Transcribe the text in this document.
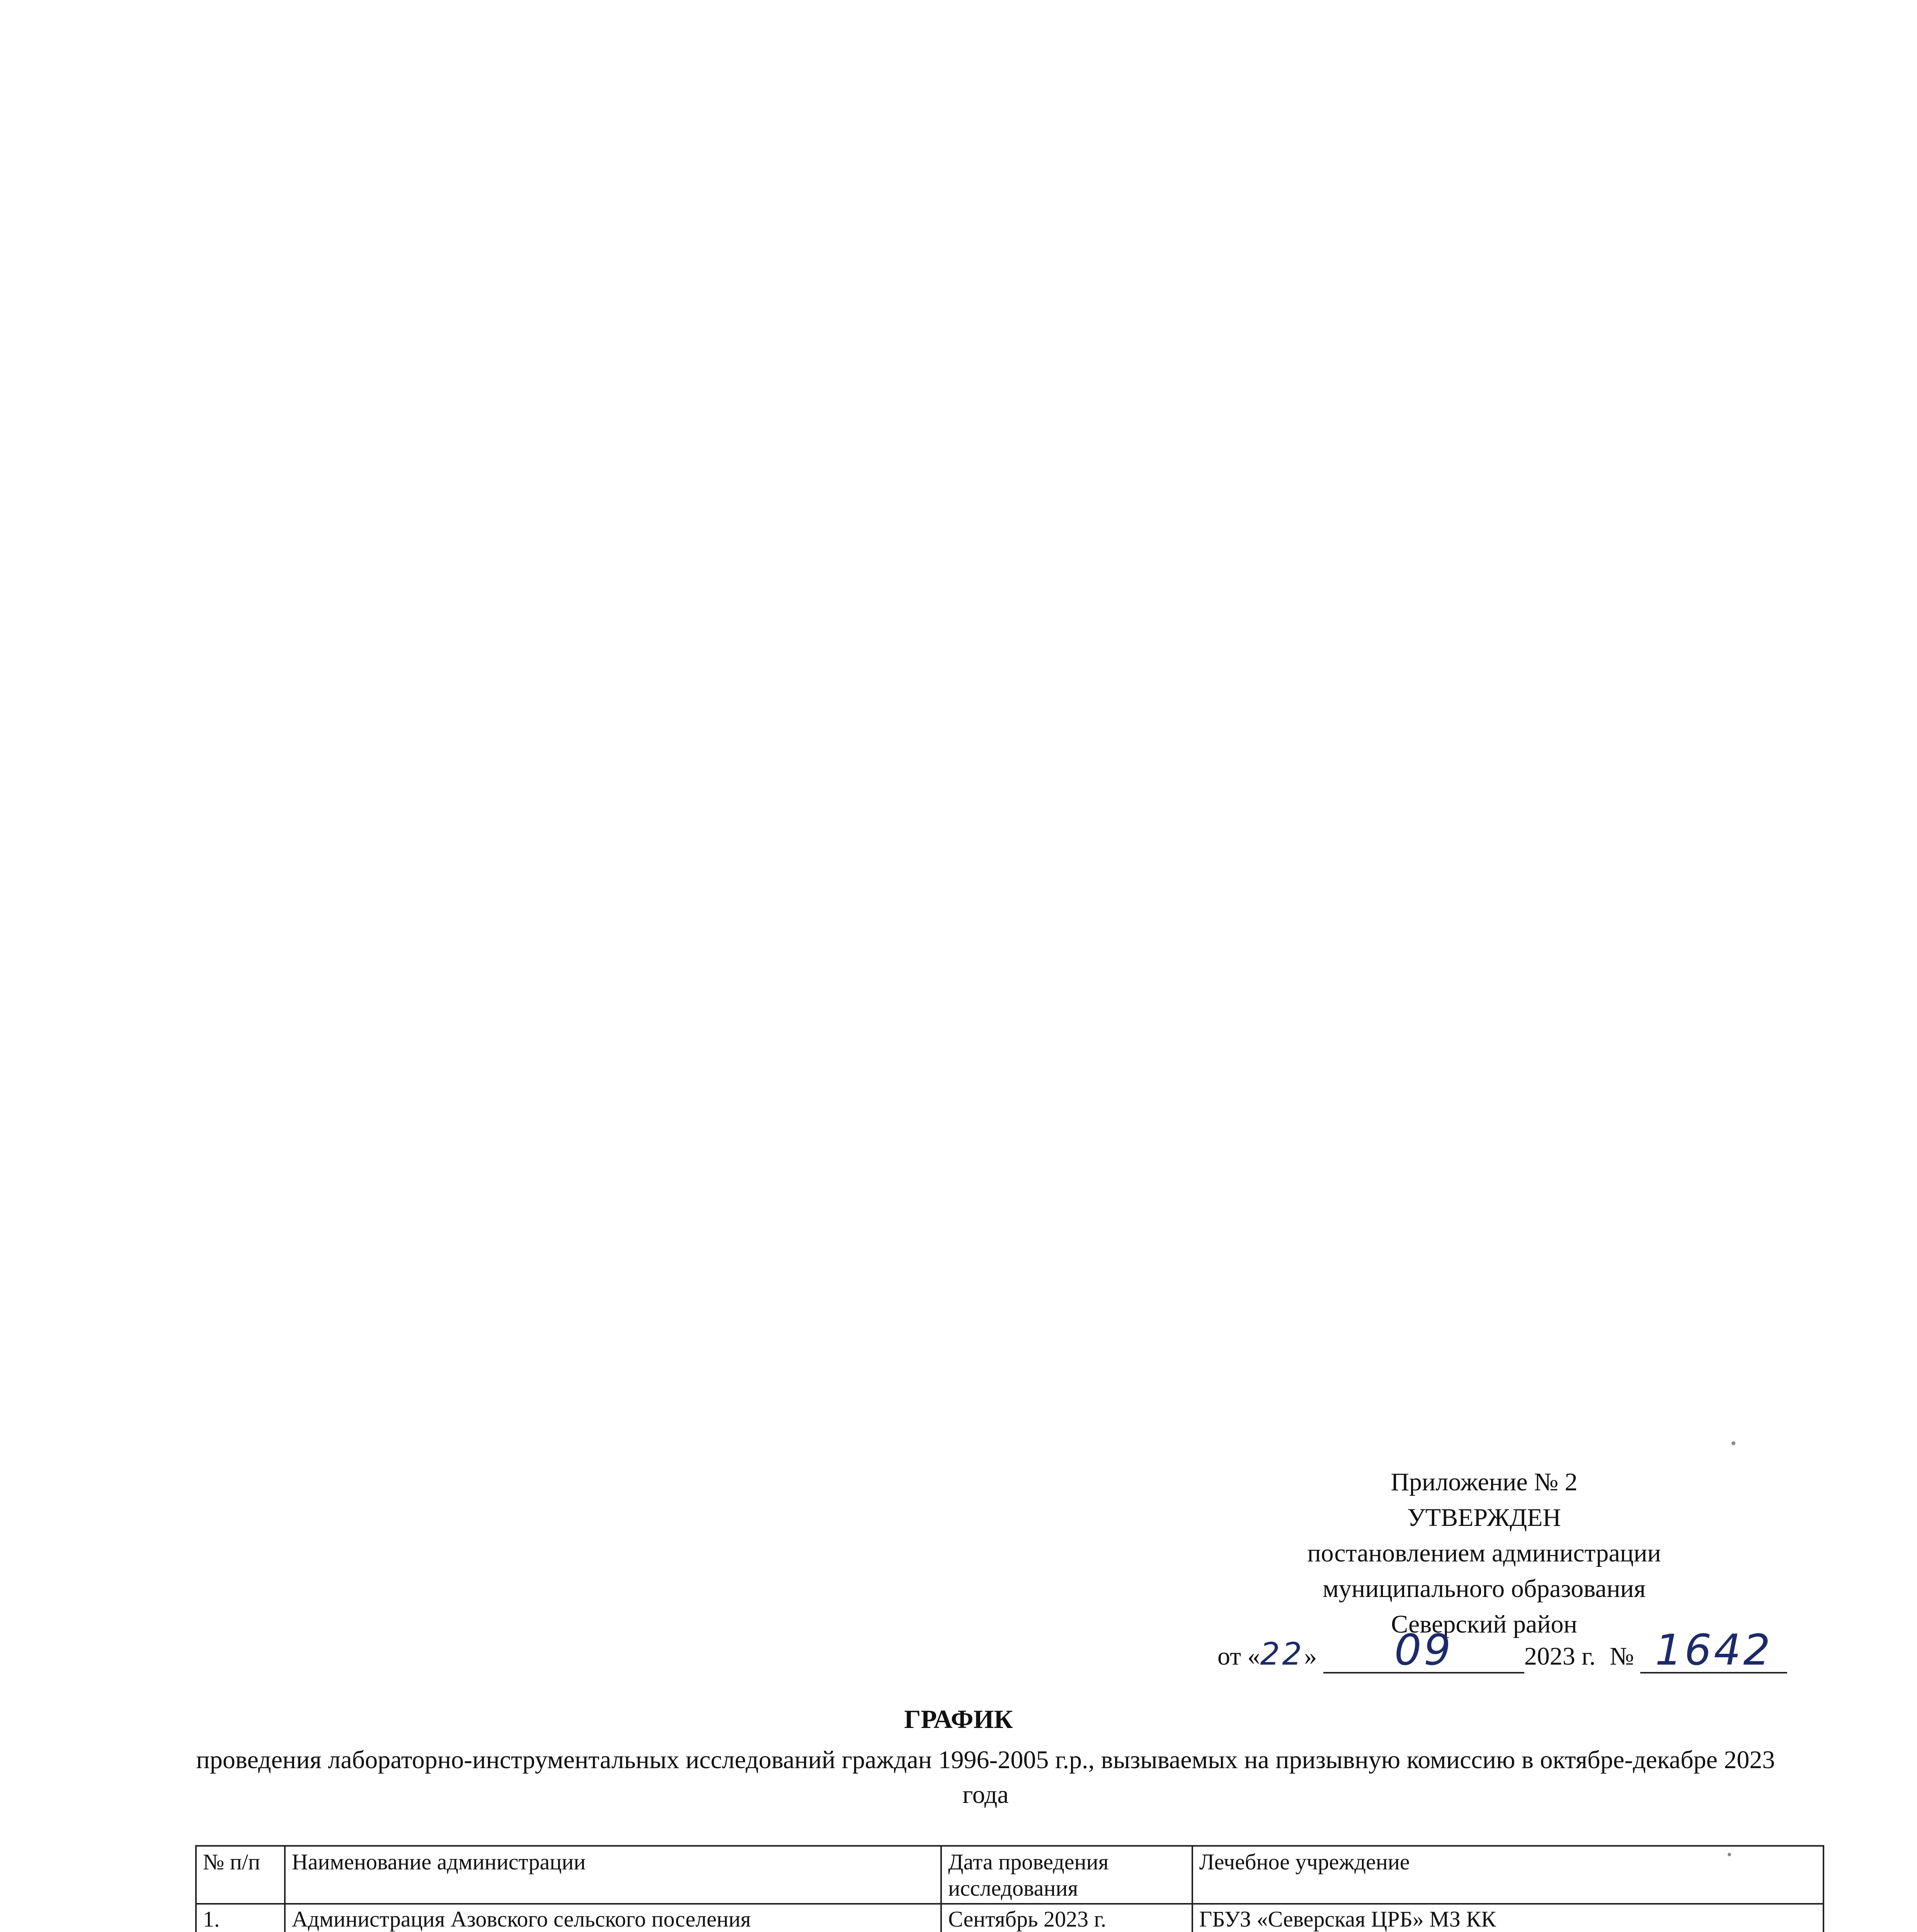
Приложение № 2
УТВЕРЖДЕН
постановлением администрации
муниципального образования
Северский район
от «22» 09	2023 г. № 1642
ГРАФИК
проведения лабораторно-инструментальных исследований граждан 1996-2005 г.р., вызываемых на призывную комиссию в октябре-декабре 2023 года
№ п/п	Наименование администрации	Дата проведения исследования	Лечебное учреждение
1.	Администрация Азовского сельского поселения	Сентябрь 2023 г.	ГБУЗ «Северская ЦРБ» МЗ КК
